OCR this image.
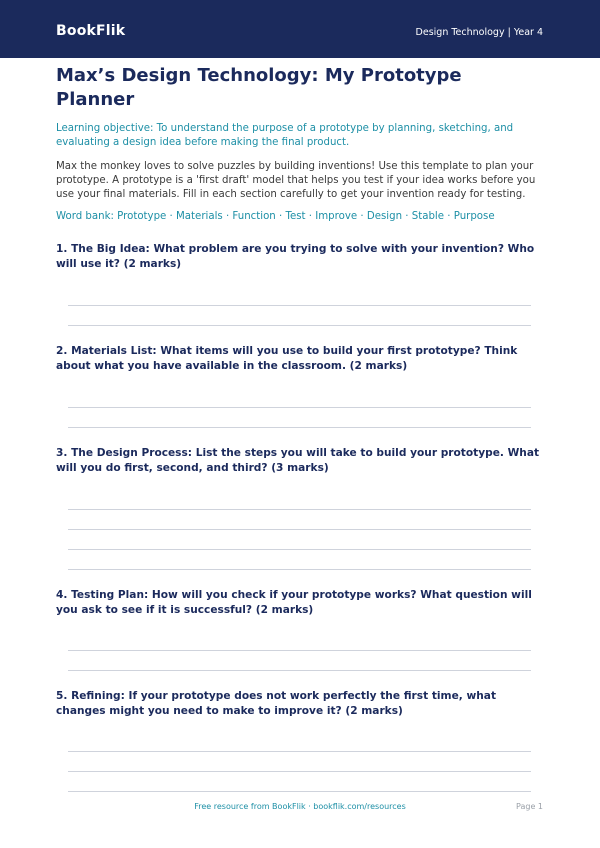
BookFlik	Design Technology | Year 4
Max’s Design Technology: My Prototype Planner

Learning objective: To understand the purpose of a prototype by planning, sketching, and evaluating a design idea before making the final product.

Max the monkey loves to solve puzzles by building inventions! Use this template to plan your prototype. A prototype is a 'first draft' model that helps you test if your idea works before you use your final materials. Fill in each section carefully to get your invention ready for testing.

Word bank: Prototype · Materials · Function · Test · Improve · Design · Stable · Purpose

1. The Big Idea: What problem are you trying to solve with your invention? Who will use it? (2 marks)

2. Materials List: What items will you use to build your first prototype? Think about what you have available in the classroom. (2 marks)

3. The Design Process: List the steps you will take to build your prototype. What will you do first, second, and third? (3 marks)

4. Testing Plan: How will you check if your prototype works? What question will you ask to see if it is successful? (2 marks)

5. Refining: If your prototype does not work perfectly the first time, what changes might you need to make to improve it? (2 marks)

Free resource from BookFlik · bookflik.com/resources	Page 1
